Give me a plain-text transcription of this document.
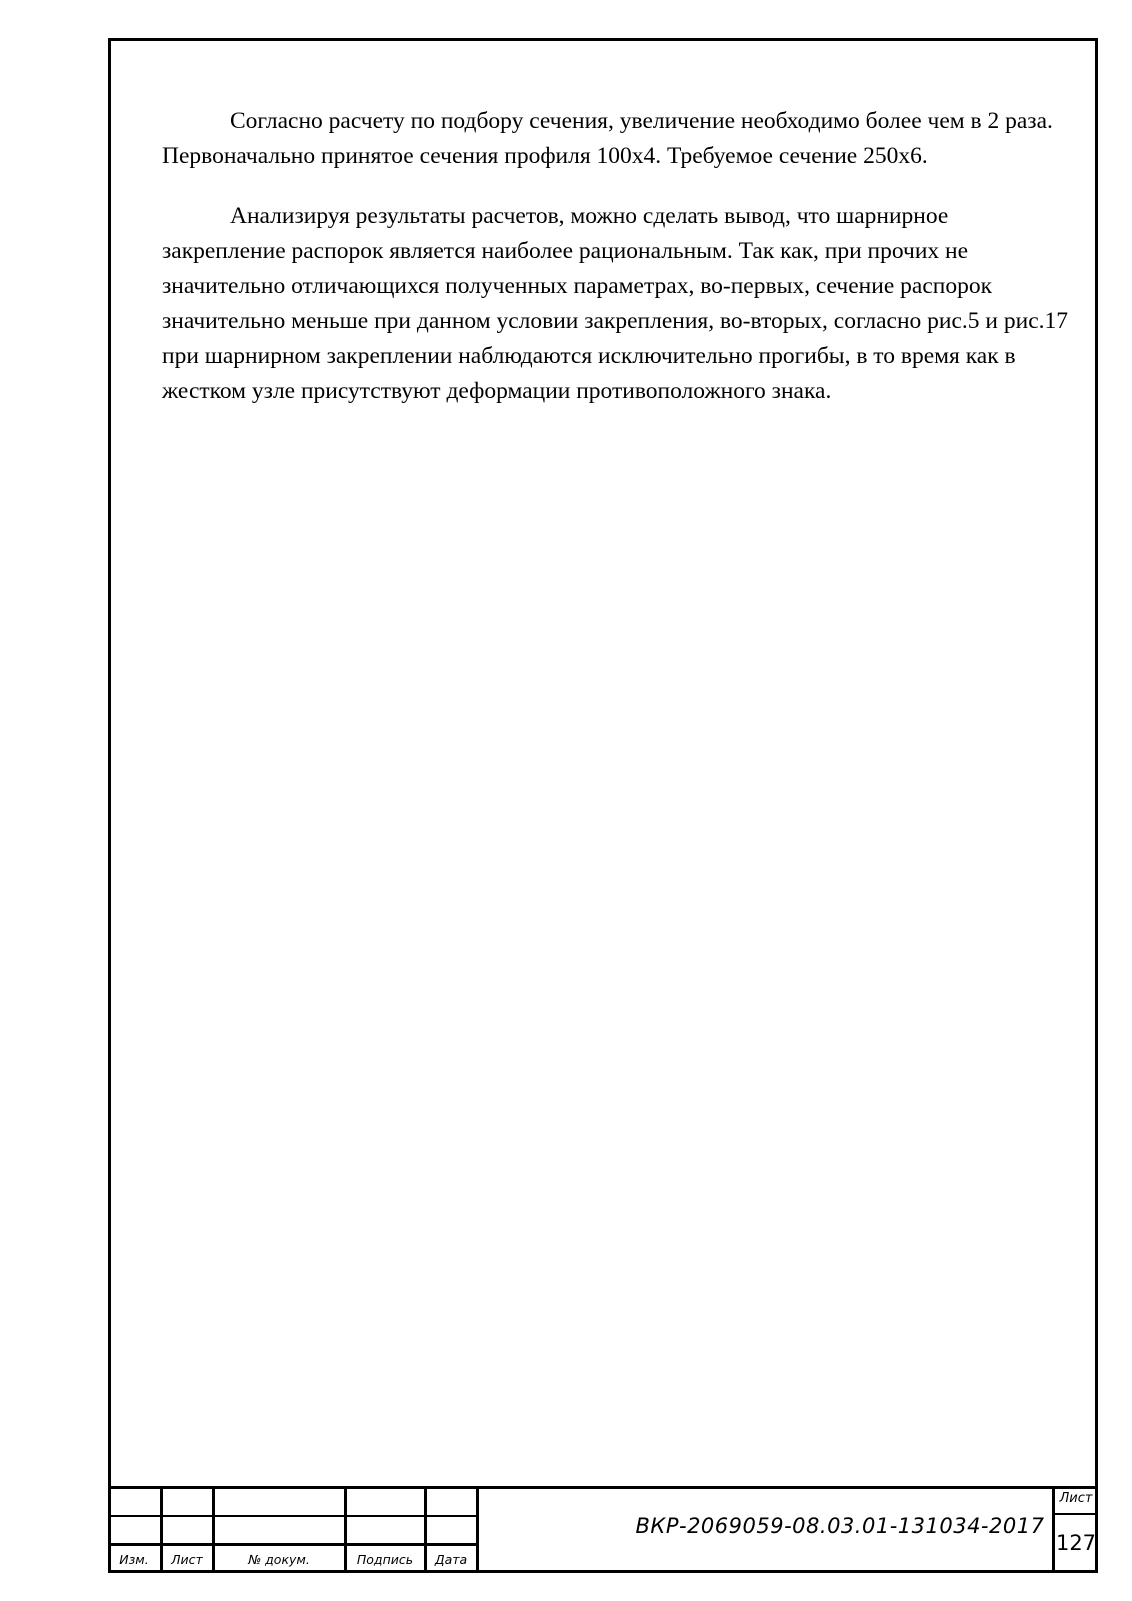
Согласно расчету по подбору сечения, увеличение необходимо более чем в 2 раза. Первоначально принятое сечения профиля 100х4. Требуемое сечение 250х6.

Анализируя результаты расчетов, можно сделать вывод, что шарнирное закрепление распорок является наиболее рациональным. Так как, при прочих не значительно отличающихся полученных параметрах, во-первых, сечение распорок значительно меньше при данном условии закрепления, во-вторых, согласно рис.5 и рис.17 при шарнирном закреплении наблюдаются исключительно прогибы, в то время как в жестком узле присутствуют деформации противоположного знака.

Изм.	Лист	№ докум.	Подпись	Дата
ВКР-2069059-08.03.01-131034-2017
Лист
127
